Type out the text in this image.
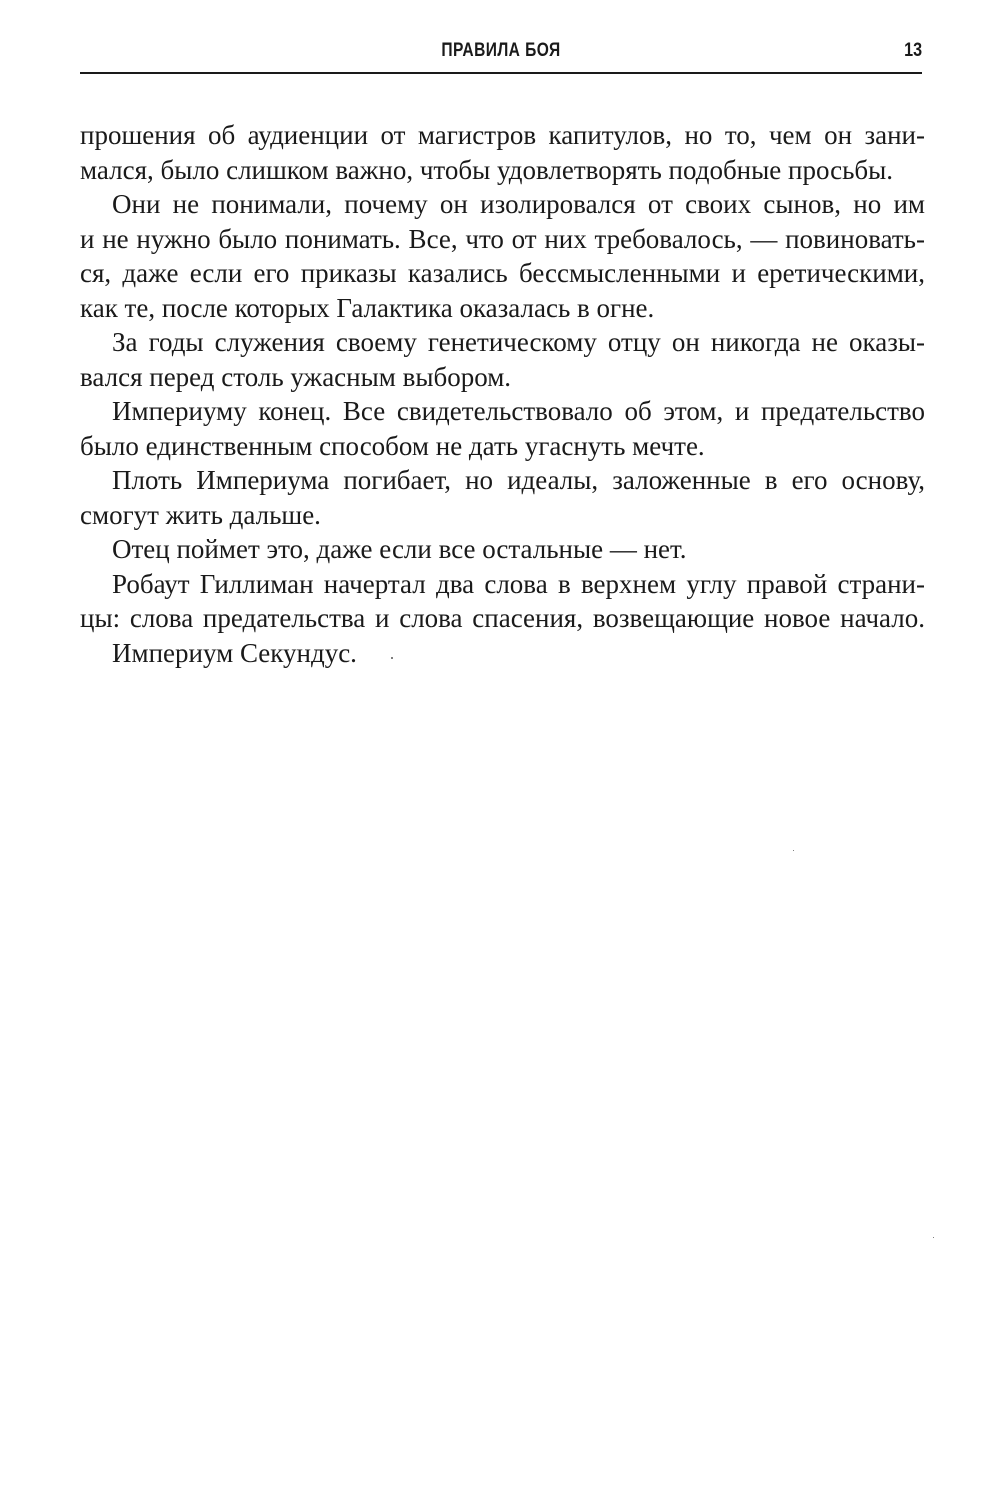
ПРАВИЛА БОЯ	13
прошения об аудиенции от магистров капитулов, но то, чем он зани-
мался, было слишком важно, чтобы удовлетворять подобные просьбы.
Они не понимали, почему он изолировался от своих сынов, но им
и не нужно было понимать. Все, что от них требовалось, — повиновать-
ся, даже если его приказы казались бессмысленными и еретическими,
как те, после которых Галактика оказалась в огне.
За годы служения своему генетическому отцу он никогда не оказы-
вался перед столь ужасным выбором.
Империуму конец. Все свидетельствовало об этом, и предательство
было единственным способом не дать угаснуть мечте.
Плоть Империума погибает, но идеалы, заложенные в его основу,
смогут жить дальше.
Отец поймет это, даже если все остальные — нет.
Робаут Гиллиман начертал два слова в верхнем углу правой страни-
цы: слова предательства и слова спасения, возвещающие новое начало.
Империум Секундус.
